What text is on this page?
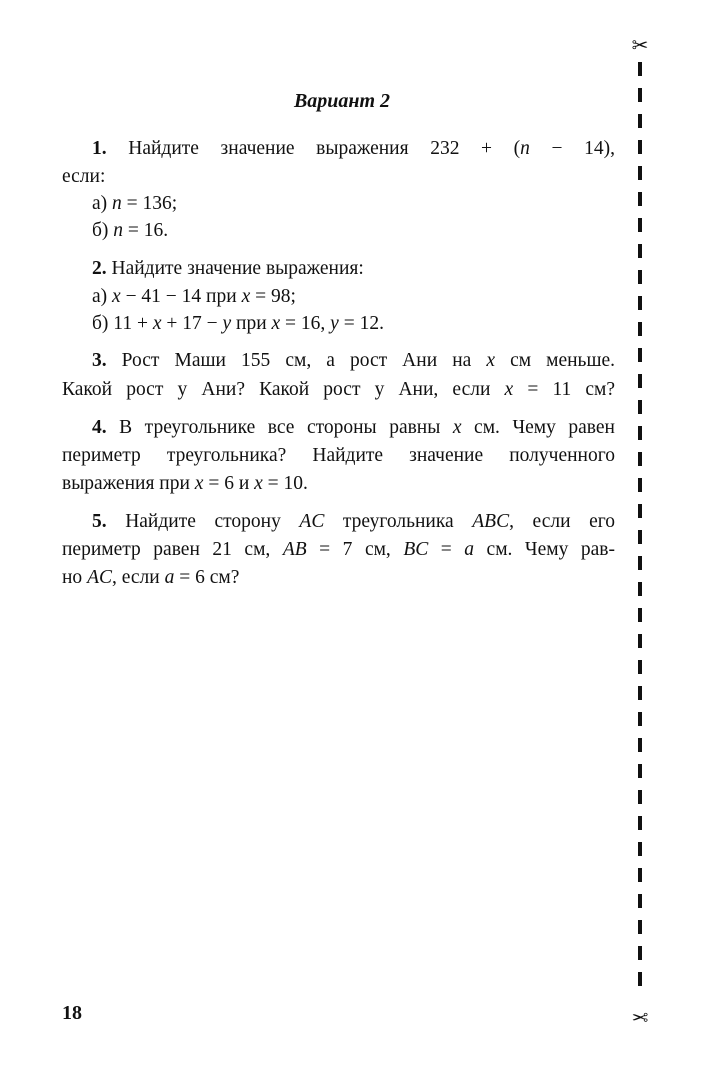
✂
✂
Вариант 2
1. Найдите значение выражения 232 + (n − 14),
если:
а) n = 136;
б) n = 16.
2. Найдите значение выражения:
а) x − 41 − 14 при x = 98;
б) 11 + x + 17 − y при x = 16, y = 12.
3. Рост Маши 155 см, а рост Ани на x см меньше.
Какой рост у Ани? Какой рост у Ани, если x = 11 см?
4. В треугольнике все стороны равны x см. Чему равен
периметр треугольника? Найдите значение полученного
выражения при x = 6 и x = 10.
5. Найдите сторону AC треугольника ABC, если его
периметр равен 21 см, AB = 7 см, BC = a см. Чему рав-
но AC, если a = 6 см?
18
